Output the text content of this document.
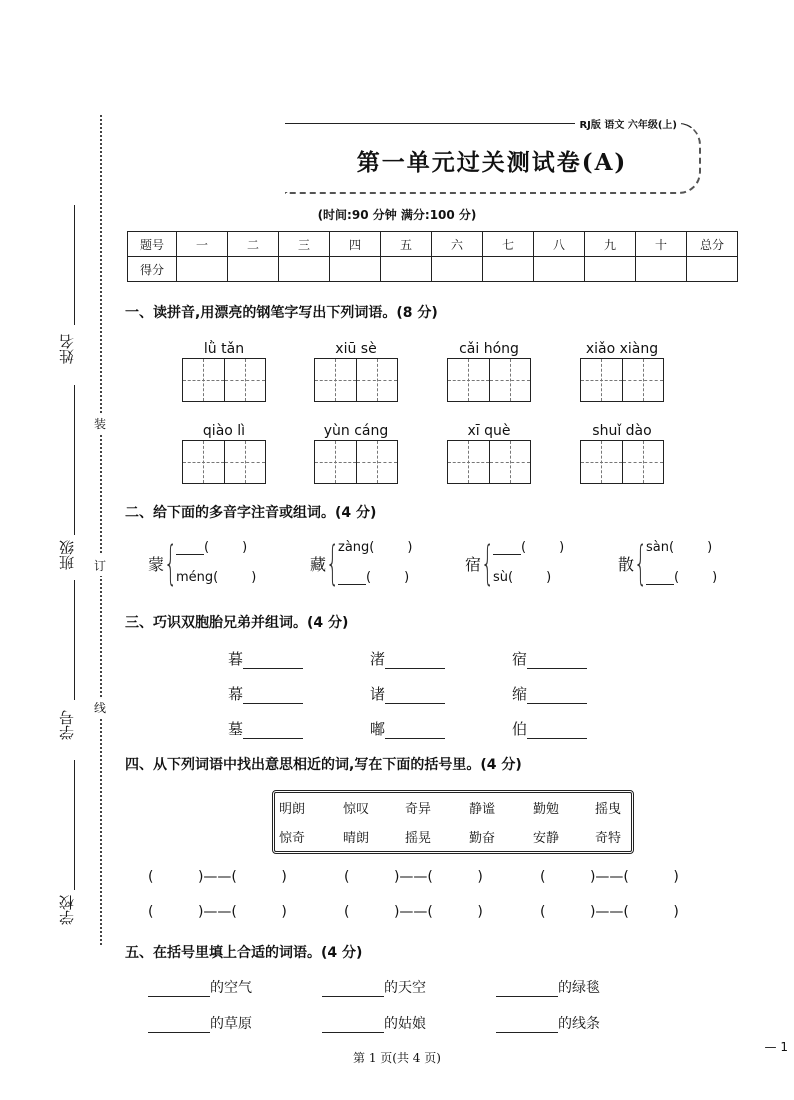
姓名
班级
学号
学校
装
订
线
RJ版 语文 六年级(上)
第一单元过关测试卷(A)
(时间:90 分钟 满分:100 分)
题号	一	二	三	四	五	六	七	八	九	十	总分
得分											
一、读拼音,用漂亮的钢笔字写出下列词语。(8 分)
lǜ tǎn	xiū sè	cǎi hóng	xiǎo xiàng
qiào lì	yùn cáng	xī què	shuǐ dào
二、给下面的多音字注音或组词。(4 分)
蒙 {	(        )
méng(        )
藏 {
zàng(        )
(        )
宿 {	(        )
sù(        )
散 {
sàn(        )
(        )
三、巧识双胞胎兄弟并组词。(4 分)
暮	渚	宿
幕	诸	缩
墓	嘟	伯
四、从下列词语中找出意思相近的词,写在下面的括号里。(4 分)
明朗	惊叹	奇异	静谧	勤勉	摇曳
惊奇	晴朗	摇晃	勤奋	安静	奇特
(          )——(          )	(          )——(          )	(          )——(          )
(          )——(          )	(          )——(          )	(          )——(          )
五、在括号里填上合适的词语。(4 分)
的空气	的天空	的绿毯
的草原	的姑娘	的线条
第 1 页(共 4 页)
— 1
